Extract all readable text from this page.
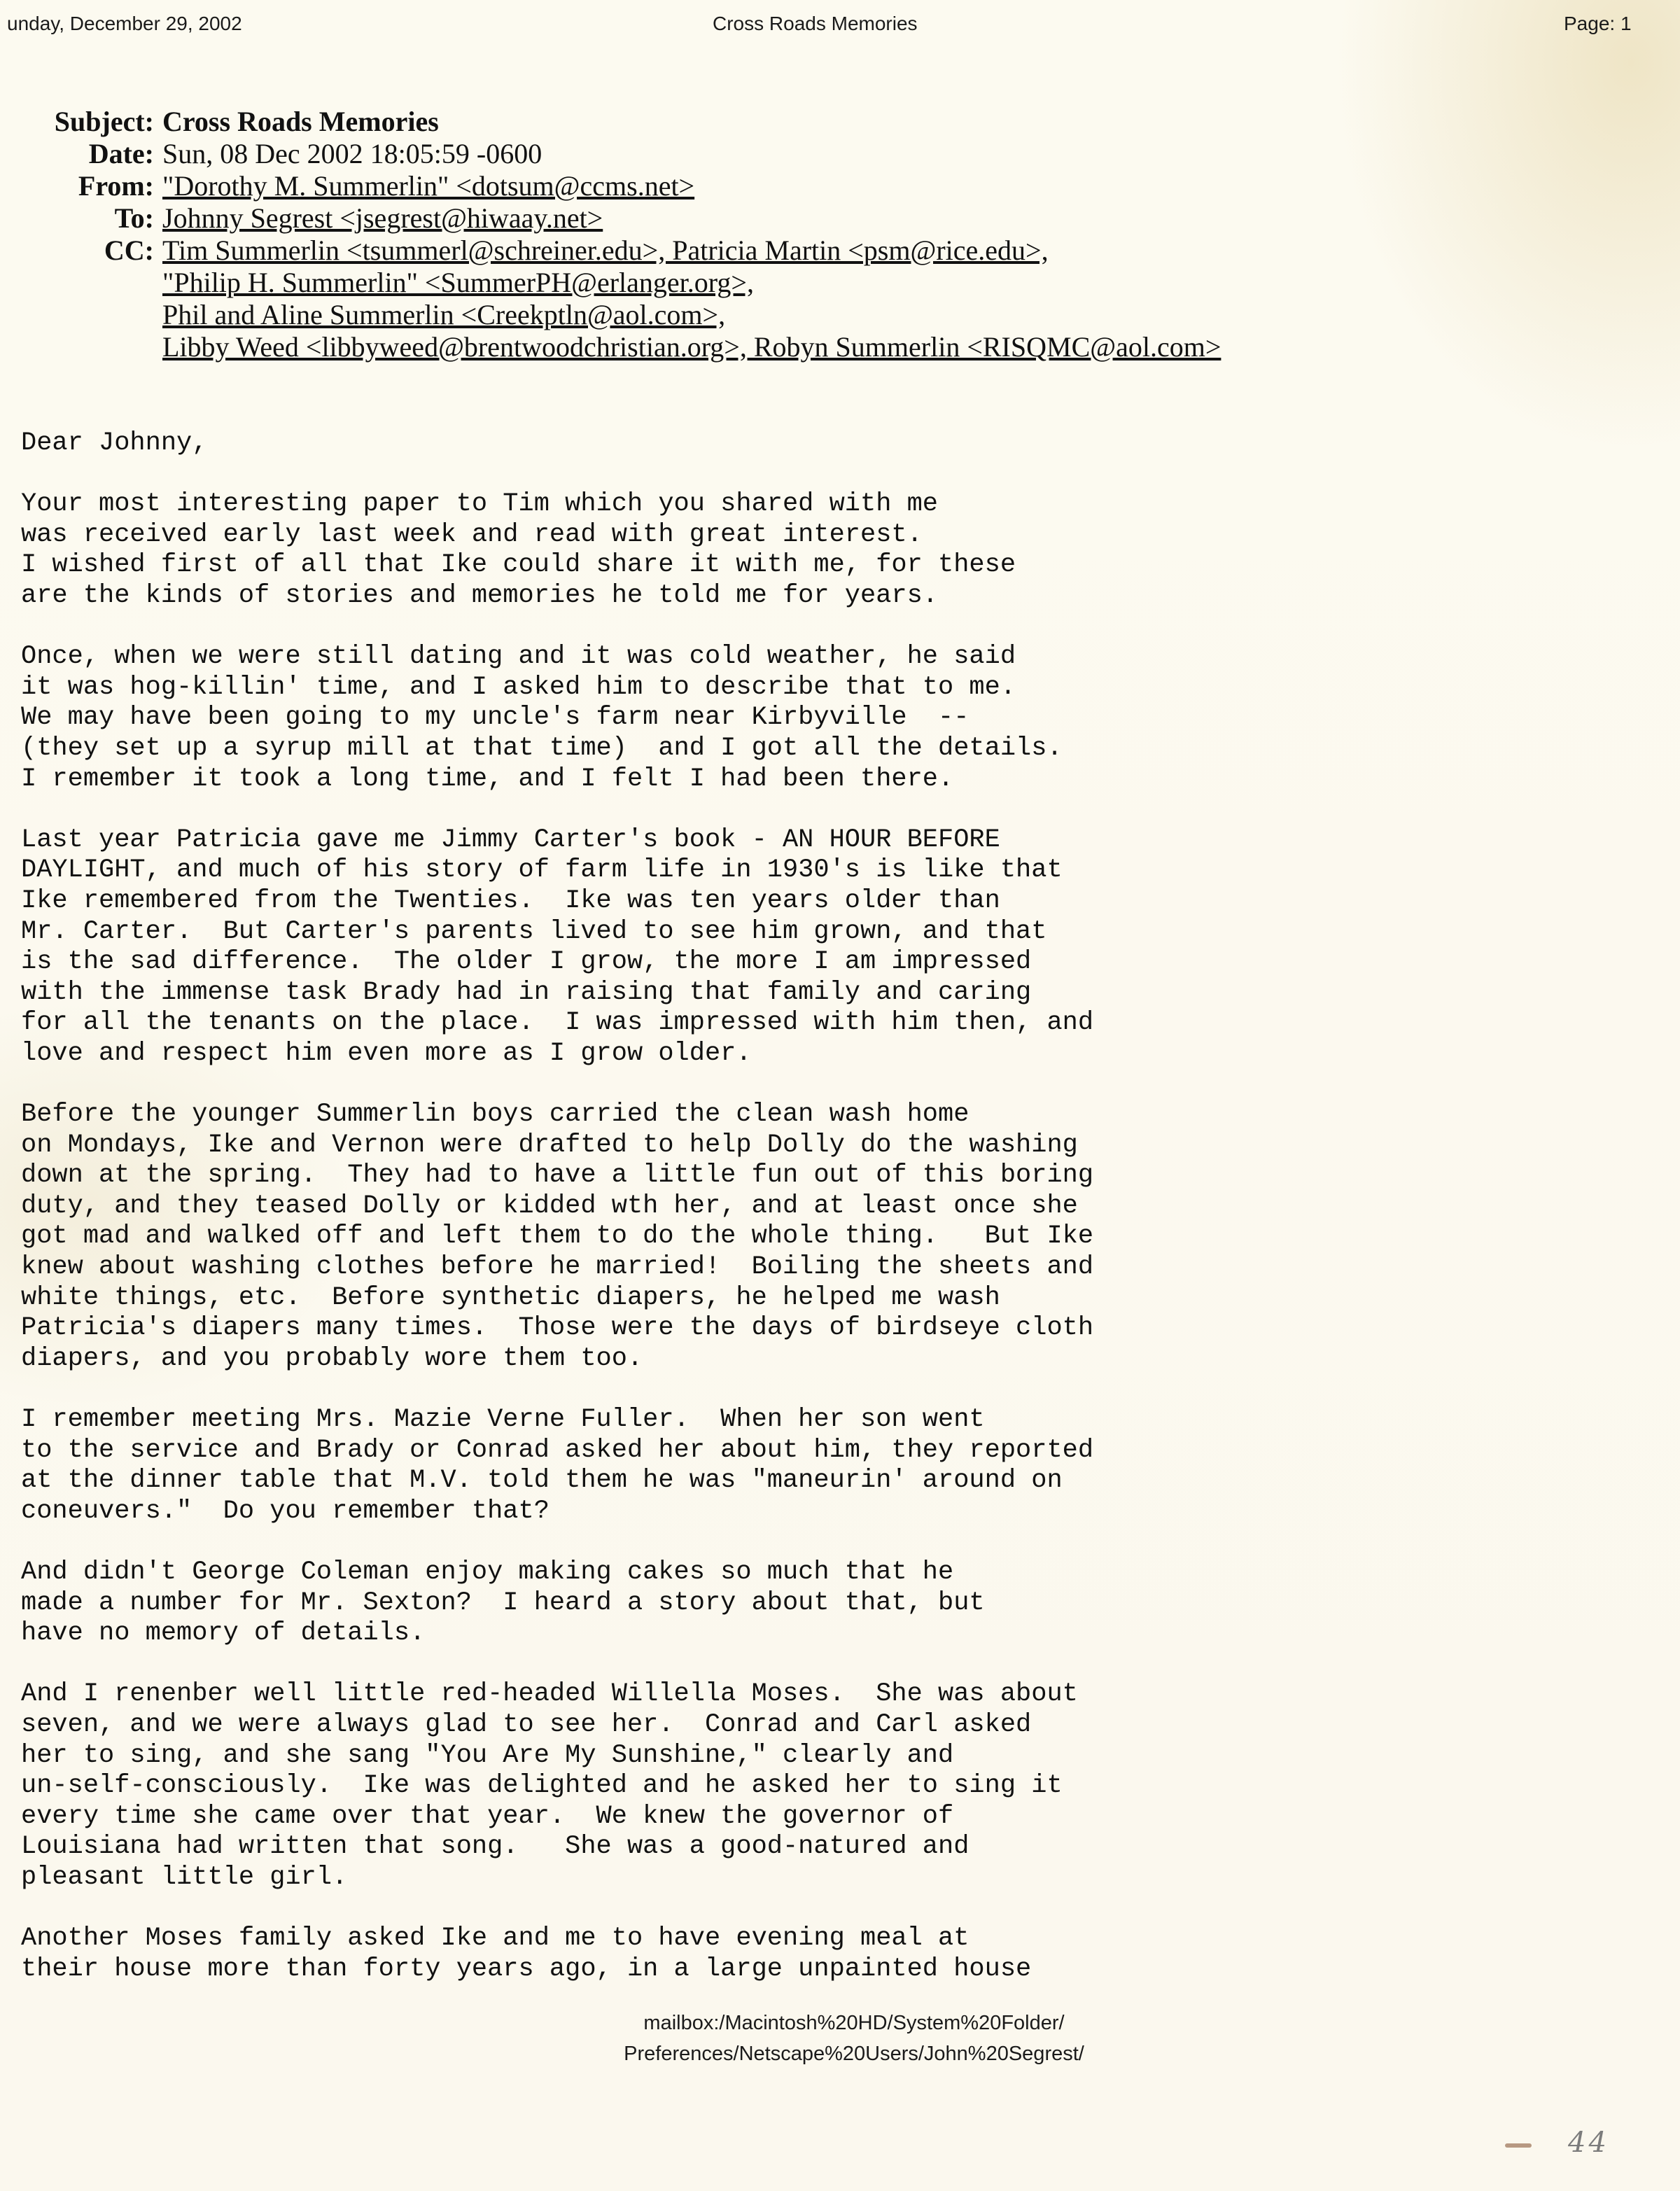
unday, December 29, 2002	Cross Roads Memories	Page: 1
Subject: Cross Roads Memories
Date: Sun, 08 Dec 2002 18:05:59 -0600
From: "Dorothy M. Summerlin" <dotsum@ccms.net>
To: Johnny Segrest <jsegrest@hiwaay.net>
CC: Tim Summerlin <tsummerl@schreiner.edu>, Patricia Martin <psm@rice.edu>,
"Philip H. Summerlin" <SummerPH@erlanger.org>,
Phil and Aline Summerlin <Creekptln@aol.com>,
Libby Weed <libbyweed@brentwoodchristian.org>, Robyn Summerlin <RISQMC@aol.com>
Dear Johnny,
Your most interesting paper to Tim which you shared with me
was received early last week and read with great interest.
I wished first of all that Ike could share it with me, for these
are the kinds of stories and memories he told me for years.
Once, when we were still dating and it was cold weather, he said
it was hog-killin' time, and I asked him to describe that to me.
We may have been going to my uncle's farm near Kirbyville  --
(they set up a syrup mill at that time)  and I got all the details.
I remember it took a long time, and I felt I had been there.
Last year Patricia gave me Jimmy Carter's book - AN HOUR BEFORE
DAYLIGHT, and much of his story of farm life in 1930's is like that
Ike remembered from the Twenties.  Ike was ten years older than
Mr. Carter.  But Carter's parents lived to see him grown, and that
is the sad difference.  The older I grow, the more I am impressed
with the immense task Brady had in raising that family and caring
for all the tenants on the place.  I was impressed with him then, and
love and respect him even more as I grow older.
Before the younger Summerlin boys carried the clean wash home
on Mondays, Ike and Vernon were drafted to help Dolly do the washing
down at the spring.  They had to have a little fun out of this boring
duty, and they teased Dolly or kidded wth her, and at least once she
got mad and walked off and left them to do the whole thing.   But Ike
knew about washing clothes before he married!  Boiling the sheets and
white things, etc.  Before synthetic diapers, he helped me wash
Patricia's diapers many times.  Those were the days of birdseye cloth
diapers, and you probably wore them too.
I remember meeting Mrs. Mazie Verne Fuller.  When her son went
to the service and Brady or Conrad asked her about him, they reported
at the dinner table that M.V. told them he was "maneurin' around on
coneuvers."  Do you remember that?
And didn't George Coleman enjoy making cakes so much that he
made a number for Mr. Sexton?  I heard a story about that, but
have no memory of details.
And I renenber well little red-headed Willella Moses.  She was about
seven, and we were always glad to see her.  Conrad and Carl asked
her to sing, and she sang "You Are My Sunshine," clearly and
un-self-consciously.  Ike was delighted and he asked her to sing it
every time she came over that year.  We knew the governor of
Louisiana had written that song.   She was a good-natured and
pleasant little girl.
Another Moses family asked Ike and me to have evening meal at
their house more than forty years ago, in a large unpainted house
mailbox:/Macintosh%20HD/System%20Folder/
Preferences/Netscape%20Users/John%20Segrest/
44
